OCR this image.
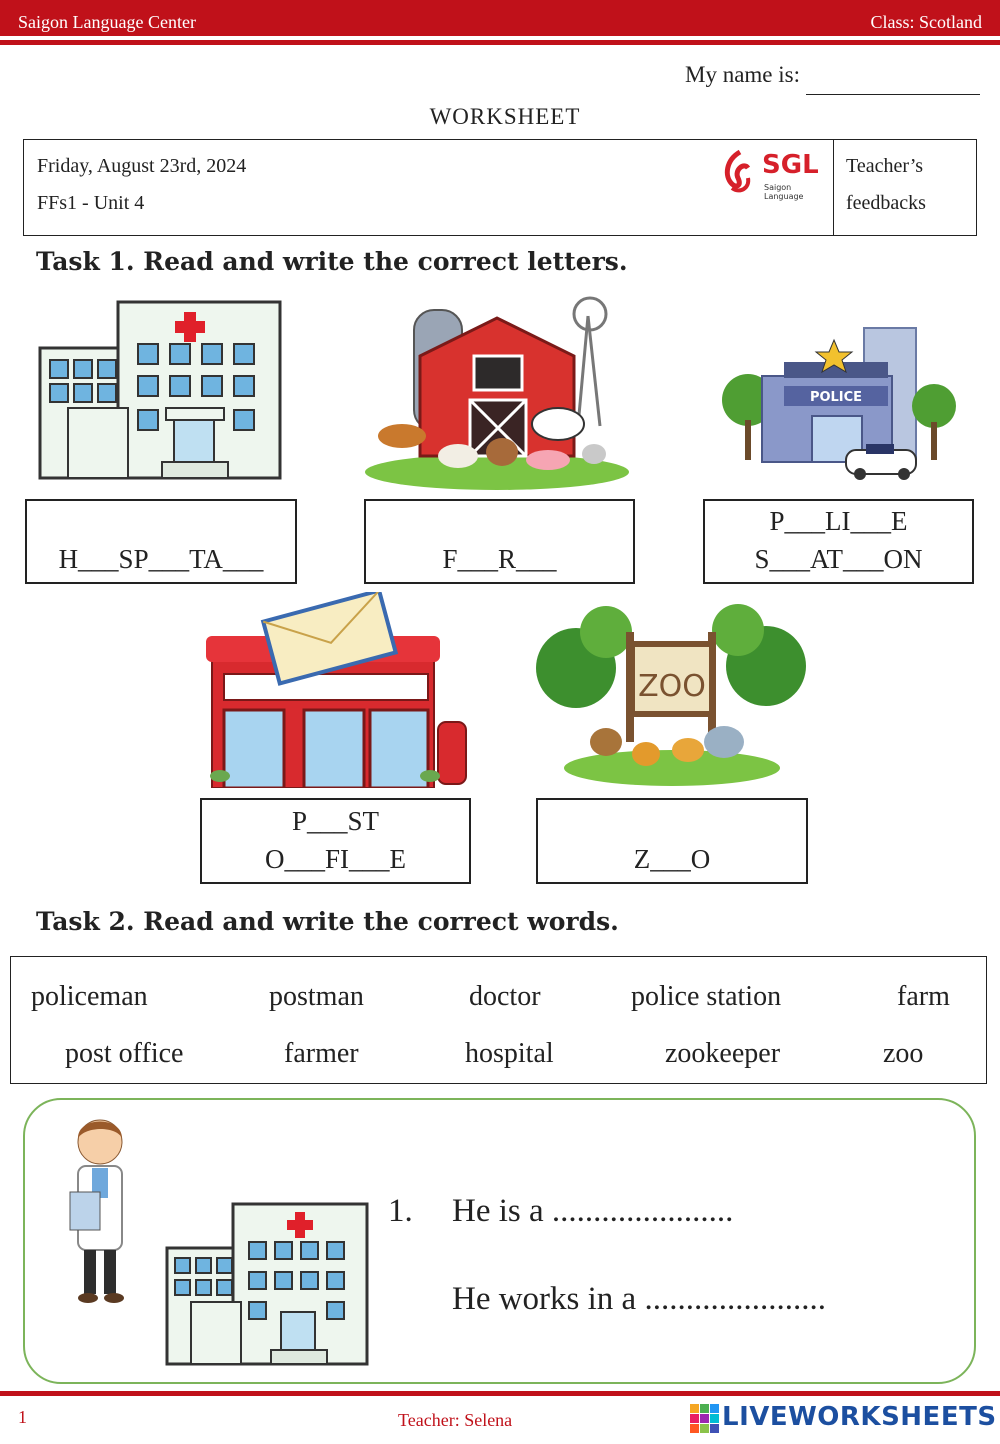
Saigon Language Center	Class: Scotland
My name is:
WORKSHEET
Friday, August 23rd, 2024
FFs1 - Unit 4
SGL
Saigon Language
Teacher’s
feedbacks
Task 1. Read and write the correct letters.
POLICE
H___SP___TA___	F___R___
P___LI___E
S___AT___ON
ZOO
P___ST
O___FI___E	Z___O
Task 2. Read and write the correct words.
policeman	postman	doctor	police station	farm
post office	farmer	hospital	zookeeper	zoo
1. He is a ......................
He works in a ......................
1	Teacher: Selena	LIVEWORKSHEETS
